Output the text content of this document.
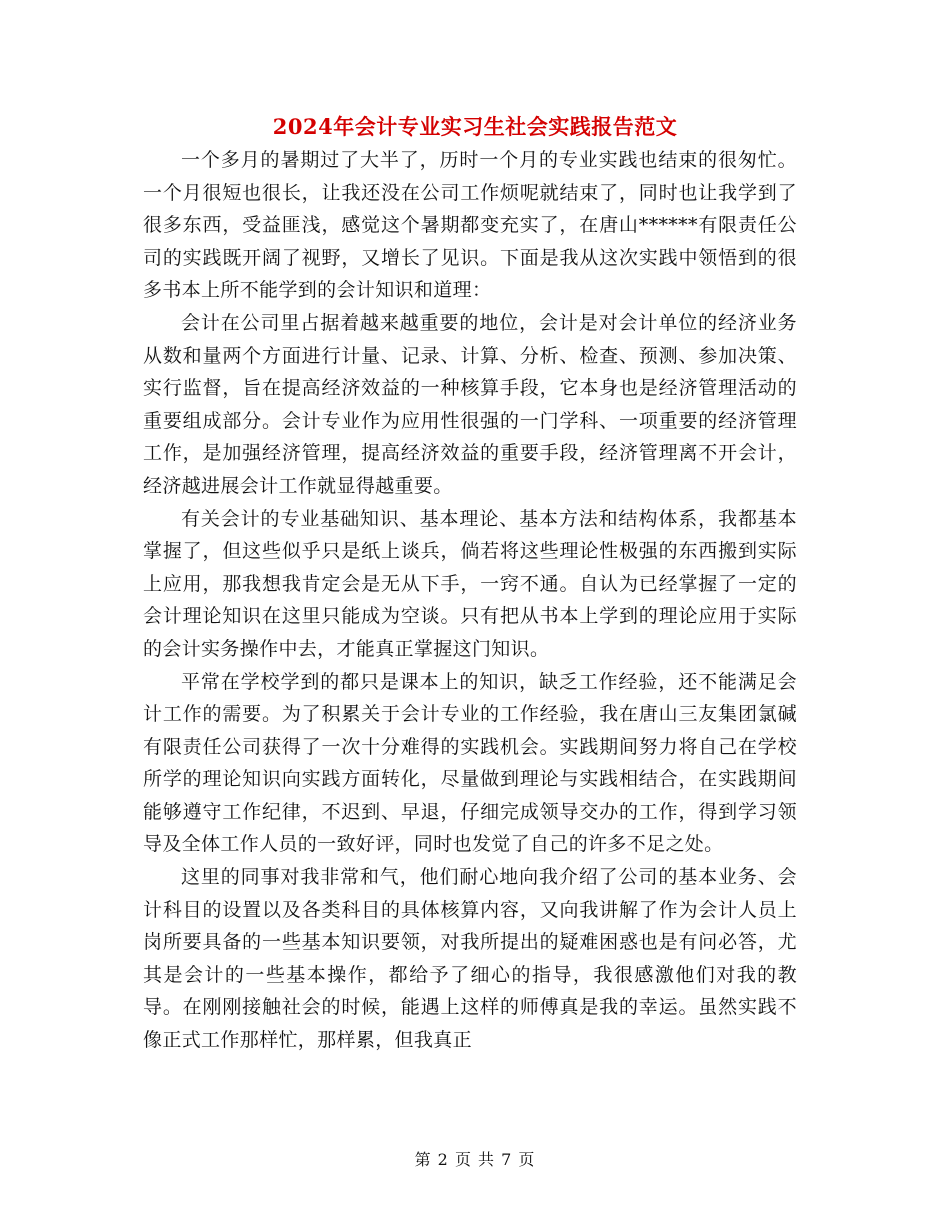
2024年会计专业实习生社会实践报告范文

一个多月的暑期过了大半了，历时一个月的专业实践也结束的很匆忙。一个月很短也很长，让我还没在公司工作烦呢就结束了，同时也让我学到了很多东西，受益匪浅，感觉这个暑期都变充实了，在唐山******有限责任公司的实践既开阔了视野，又增长了见识。下面是我从这次实践中领悟到的很多书本上所不能学到的会计知识和道理：

会计在公司里占据着越来越重要的地位，会计是对会计单位的经济业务从数和量两个方面进行计量、记录、计算、分析、检查、预测、参加决策、实行监督，旨在提高经济效益的一种核算手段，它本身也是经济管理活动的重要组成部分。会计专业作为应用性很强的一门学科、一项重要的经济管理工作，是加强经济管理，提高经济效益的重要手段，经济管理离不开会计，经济越进展会计工作就显得越重要。

有关会计的专业基础知识、基本理论、基本方法和结构体系，我都基本掌握了，但这些似乎只是纸上谈兵，倘若将这些理论性极强的东西搬到实际上应用，那我想我肯定会是无从下手，一窍不通。自认为已经掌握了一定的会计理论知识在这里只能成为空谈。只有把从书本上学到的理论应用于实际的会计实务操作中去，才能真正掌握这门知识。

平常在学校学到的都只是课本上的知识，缺乏工作经验，还不能满足会计工作的需要。为了积累关于会计专业的工作经验，我在唐山三友集团氯碱有限责任公司获得了一次十分难得的实践机会。实践期间努力将自己在学校所学的理论知识向实践方面转化，尽量做到理论与实践相结合，在实践期间能够遵守工作纪律，不迟到、早退，仔细完成领导交办的工作，得到学习领导及全体工作人员的一致好评，同时也发觉了自己的许多不足之处。

这里的同事对我非常和气，他们耐心地向我介绍了公司的基本业务、会计科目的设置以及各类科目的具体核算内容，又向我讲解了作为会计人员上岗所要具备的一些基本知识要领，对我所提出的疑难困惑也是有问必答，尤其是会计的一些基本操作，都给予了细心的指导，我很感激他们对我的教导。在刚刚接触社会的时候，能遇上这样的师傅真是我的幸运。虽然实践不像正式工作那样忙，那样累，但我真正

第 2 页 共 7 页
